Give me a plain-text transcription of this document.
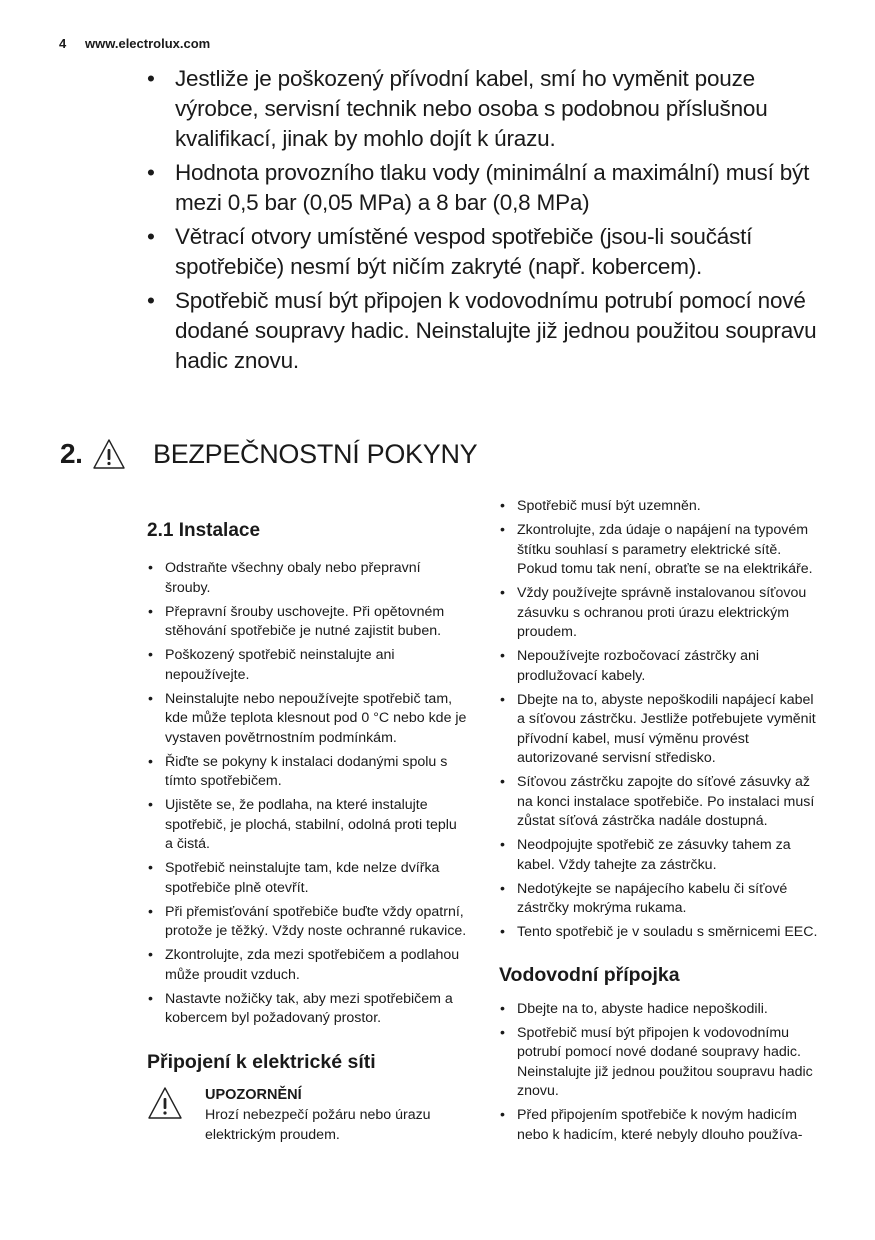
4 www.electrolux.com
• Jestliže je poškozený přívodní kabel, smí ho vyměnit pouze výrobce, servisní technik nebo osoba s podobnou příslušnou kvalifikací, jinak by mohlo dojít k úrazu.
• Hodnota provozního tlaku vody (minimální a maximální) musí být mezi 0,5 bar (0,05 MPa) a 8 bar (0,8 MPa)
• Větrací otvory umístěné vespod spotřebiče (jsou-li součástí spotřebiče) nesmí být ničím zakryté (např. kobercem).
• Spotřebič musí být připojen k vodovodnímu potrubí pomocí nové dodané soupravy hadic. Neinstalujte již jednou použitou soupravu hadic znovu.
2.	BEZPEČNOSTNÍ POKYNY
2.1 Instalace
• Odstraňte všechny obaly nebo přepravní šrouby.
• Přepravní šrouby uschovejte. Při opětovném stěhování spotřebiče je nutné zajistit buben.
• Poškozený spotřebič neinstalujte ani nepoužívejte.
• Neinstalujte nebo nepoužívejte spotřebič tam, kde může teplota klesnout pod 0 °C nebo kde je vystaven povětrnostním podmínkám.
• Řiďte se pokyny k instalaci dodanými spolu s tímto spotřebičem.
• Ujistěte se, že podlaha, na které instalujte spotřebič, je plochá, stabilní, odolná proti teplu a čistá.
• Spotřebič neinstalujte tam, kde nelze dvířka spotřebiče plně otevřít.
• Při přemisťování spotřebiče buďte vždy opatrní, protože je těžký. Vždy noste ochranné rukavice.
• Zkontrolujte, zda mezi spotřebičem a podlahou může proudit vzduch.
• Nastavte nožičky tak, aby mezi spotřebičem a kobercem byl požadovaný prostor.
Připojení k elektrické síti
UPOZORNĚNÍ
Hrozí nebezpečí požáru nebo úrazu elektrickým proudem.
• Spotřebič musí být uzemněn.
• Zkontrolujte, zda údaje o napájení na typovém štítku souhlasí s parametry elektrické sítě. Pokud tomu tak není, obraťte se na elektrikáře.
• Vždy používejte správně instalovanou síťovou zásuvku s ochranou proti úrazu elektrickým proudem.
• Nepoužívejte rozbočovací zástrčky ani prodlužovací kabely.
• Dbejte na to, abyste nepoškodili napájecí kabel a síťovou zástrčku. Jestliže potřebujete vyměnit přívodní kabel, musí výměnu provést autorizované servisní středisko.
• Síťovou zástrčku zapojte do síťové zásuvky až na konci instalace spotřebiče. Po instalaci musí zůstat síťová zástrčka nadále dostupná.
• Neodpojujte spotřebič ze zásuvky tahem za kabel. Vždy tahejte za zástrčku.
• Nedotýkejte se napájecího kabelu či síťové zástrčky mokrýma rukama.
• Tento spotřebič je v souladu s směrnicemi EEC.
Vodovodní přípojka
• Dbejte na to, abyste hadice nepoškodili.
• Spotřebič musí být připojen k vodovodnímu potrubí pomocí nové dodané soupravy hadic. Neinstalujte již jednou použitou soupravu hadic znovu.
• Před připojením spotřebiče k novým hadicím nebo k hadicím, které nebyly dlouho používa-
